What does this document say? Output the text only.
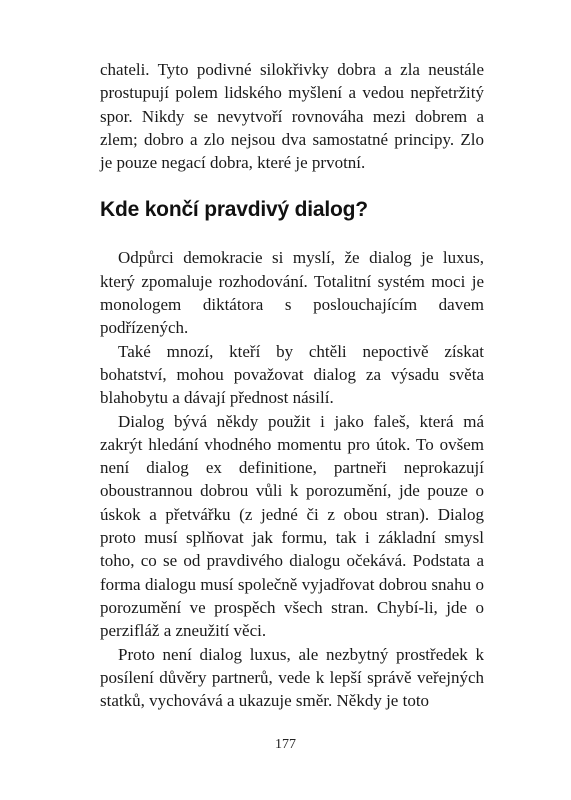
chateli. Tyto podivné silokřivky dobra a zla neustále prostupují polem lidského myšlení a vedou nepřetržitý spor. Nikdy se nevytvoří rovnováha mezi dobrem a zlem; dobro a zlo nejsou dva samostatné principy. Zlo je pouze negací dobra, které je prvotní.

Kde končí pravdivý dialog?

Odpůrci demokracie si myslí, že dialog je luxus, který zpomaluje rozhodování. Totalitní systém moci je monologem diktátora s poslouchajícím davem podřízených.

Také mnozí, kteří by chtěli nepoctivě získat bohatství, mohou považovat dialog za výsadu světa blahobytu a dávají přednost násilí.

Dialog bývá někdy použit i jako faleš, která má zakrýt hledání vhodného momentu pro útok. To ovšem není dialog ex definitione, partneři neprokazují oboustrannou dobrou vůli k porozumění, jde pouze o úskok a přetvářku (z jedné či z obou stran). Dialog proto musí splňovat jak formu, tak i základní smysl toho, co se od pravdivého dialogu očekává. Podstata a forma dialogu musí společně vyjadřovat dobrou snahu o porozumění ve prospěch všech stran. Chybí-li, jde o perzifláž a zneužití věci.

Proto není dialog luxus, ale nezbytný prostředek k posílení důvěry partnerů, vede k lepší správě veřejných statků, vychovává a ukazuje směr. Někdy je toto

177
